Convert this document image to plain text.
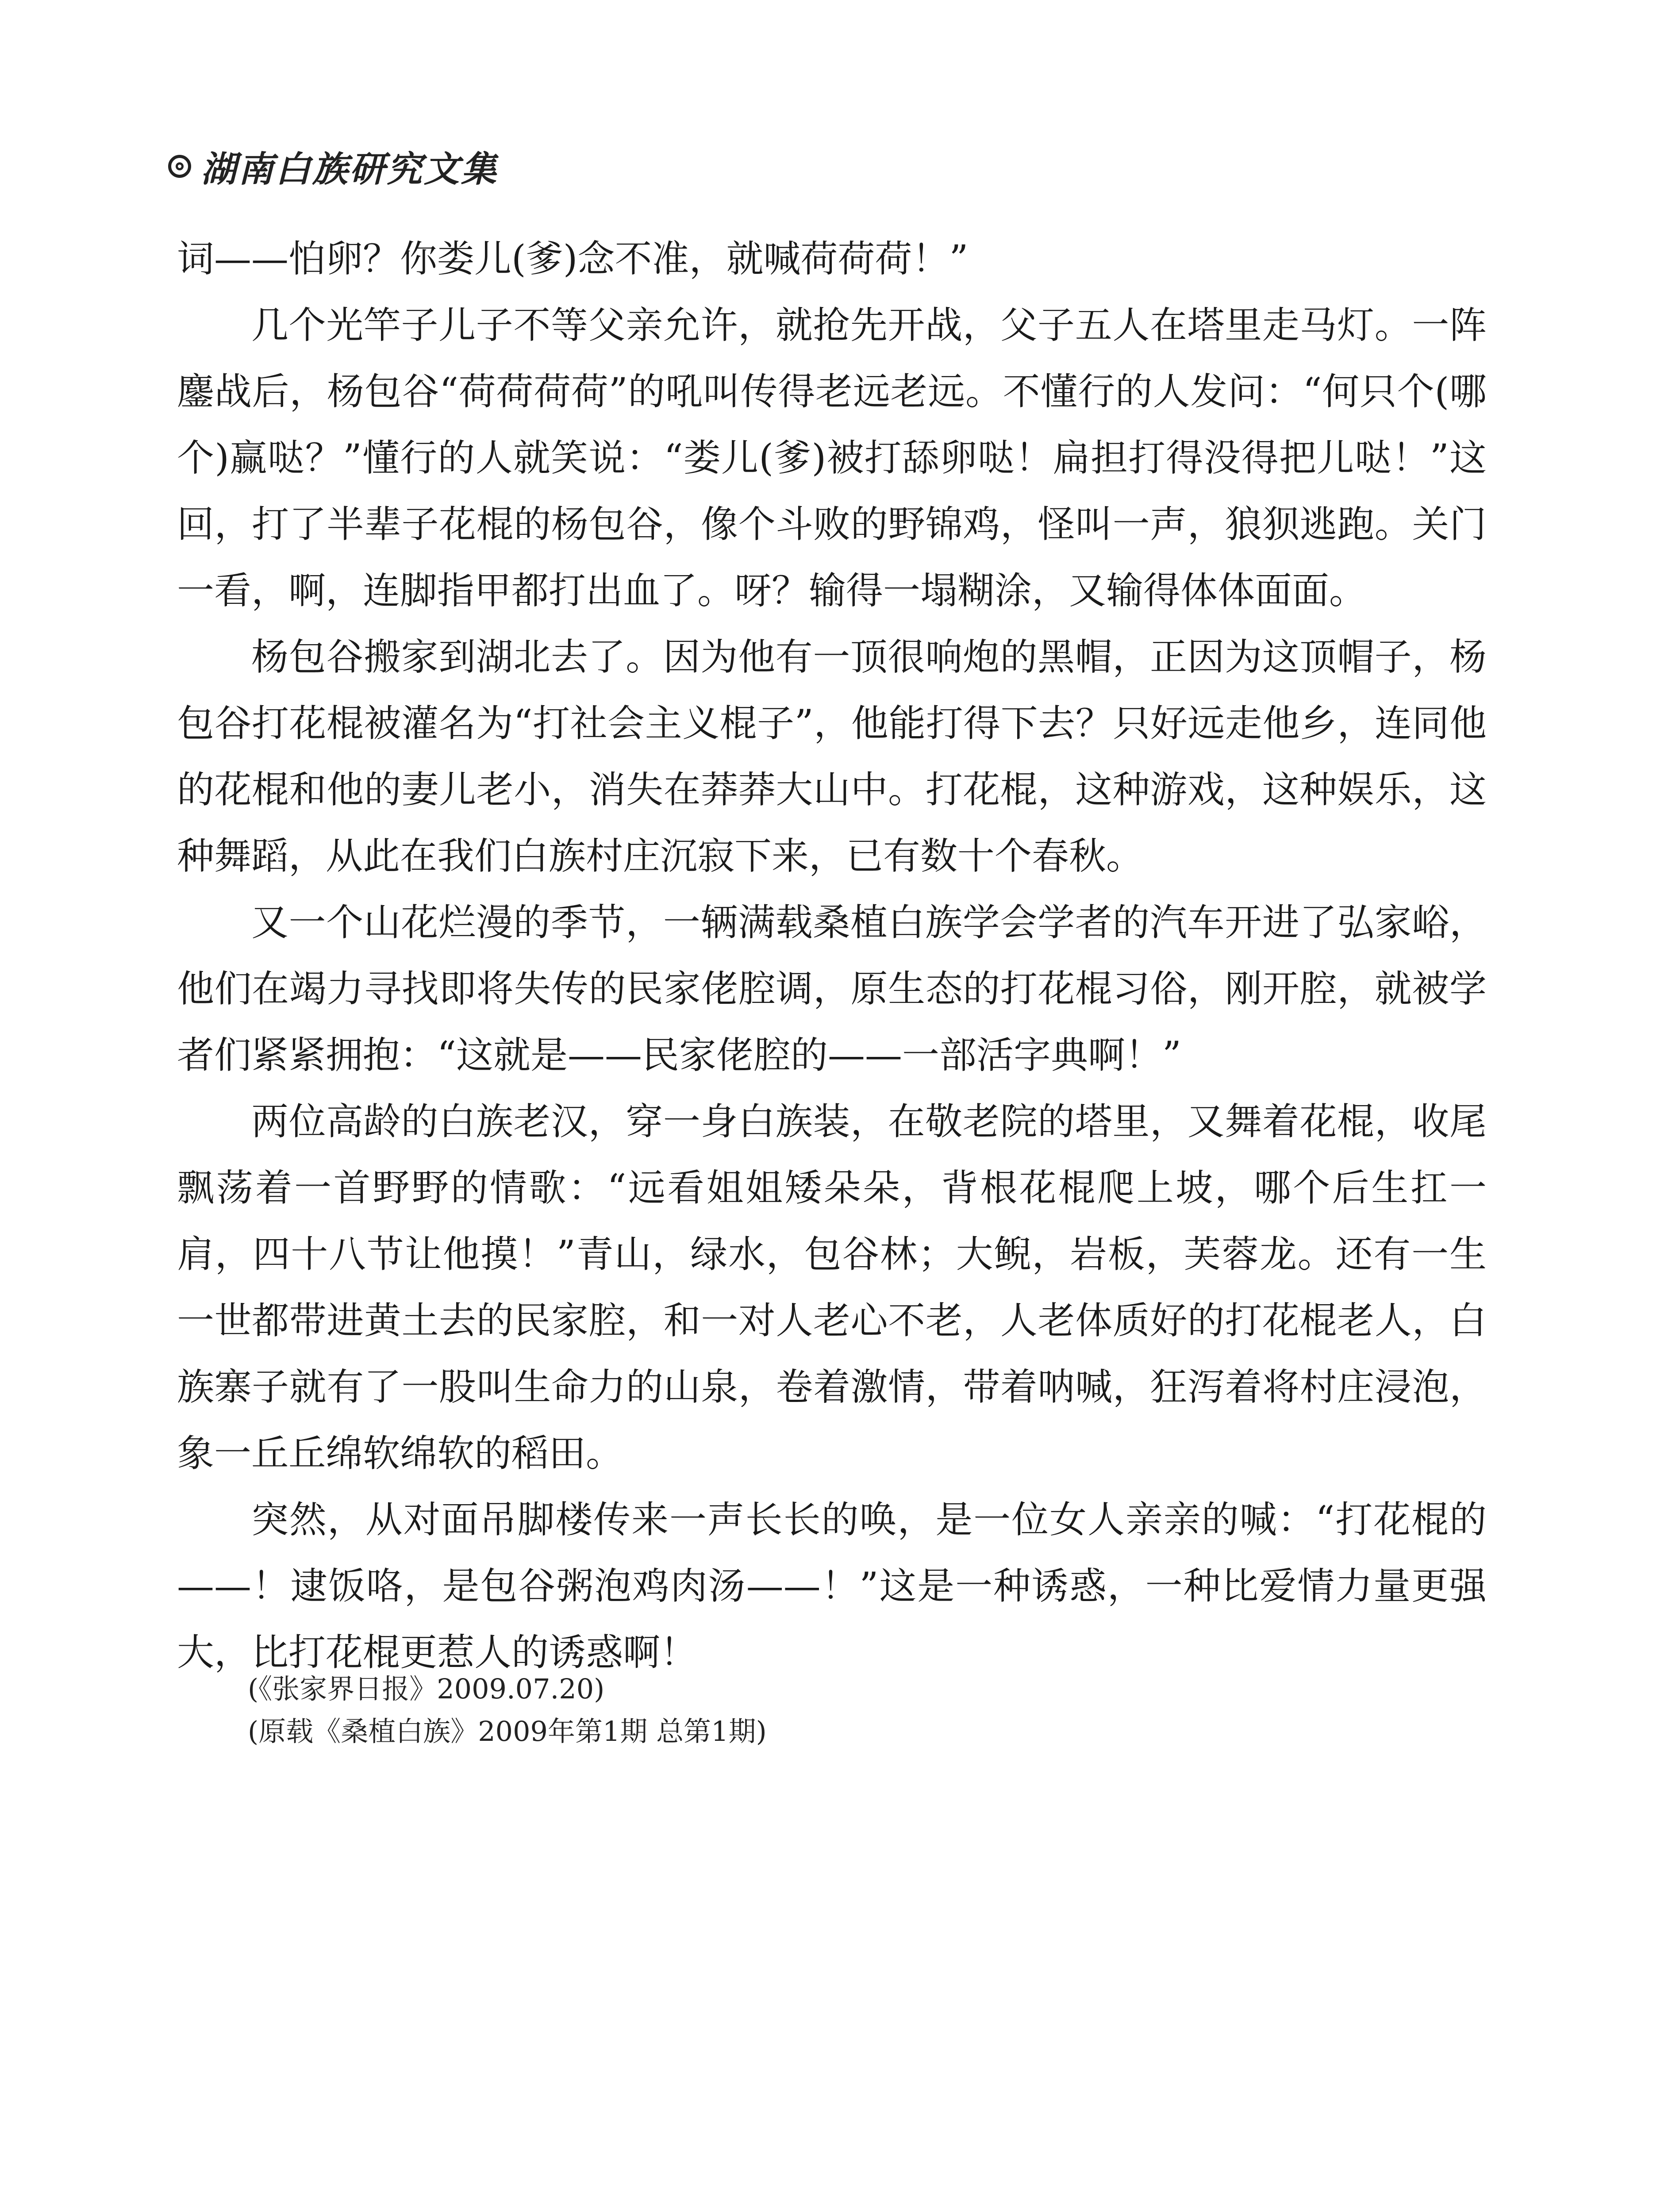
湖南白族研究文集

词——怕卵？你娄儿(爹)念不准，就喊荷荷荷！”

几个光竿子儿子不等父亲允许，就抢先开战，父子五人在塔里走马灯。一阵鏖战后，杨包谷“荷荷荷荷”的吼叫传得老远老远。不懂行的人发问：“何只个(哪个)赢哒？”懂行的人就笑说：“娄儿(爹)被打舔卵哒！扁担打得没得把儿哒！”这回，打了半辈子花棍的杨包谷，像个斗败的野锦鸡，怪叫一声，狼狈逃跑。关门一看，啊，连脚指甲都打出血了。呀？输得一塌糊涂，又输得体体面面。

杨包谷搬家到湖北去了。因为他有一顶很响炮的黑帽，正因为这顶帽子，杨包谷打花棍被灌名为“打社会主义棍子”，他能打得下去？只好远走他乡，连同他的花棍和他的妻儿老小，消失在莽莽大山中。打花棍，这种游戏，这种娱乐，这种舞蹈，从此在我们白族村庄沉寂下来，已有数十个春秋。

又一个山花烂漫的季节，一辆满载桑植白族学会学者的汽车开进了弘家峪，他们在竭力寻找即将失传的民家佬腔调，原生态的打花棍习俗，刚开腔，就被学者们紧紧拥抱：“这就是——民家佬腔的——一部活字典啊！”

两位高龄的白族老汉，穿一身白族装，在敬老院的塔里，又舞着花棍，收尾飘荡着一首野野的情歌：“远看姐姐矮朵朵，背根花棍爬上坡，哪个后生扛一肩，四十八节让他摸！”青山，绿水，包谷林；大鲵，岩板，芙蓉龙。还有一生一世都带进黄土去的民家腔，和一对人老心不老，人老体质好的打花棍老人，白族寨子就有了一股叫生命力的山泉，卷着激情，带着呐喊，狂泻着将村庄浸泡，象一丘丘绵软绵软的稻田。

突然，从对面吊脚楼传来一声长长的唤，是一位女人亲亲的喊：“打花棍的——！逮饭咯，是包谷粥泡鸡肉汤——！”这是一种诱惑，一种比爱情力量更强大，比打花棍更惹人的诱惑啊！

(《张家界日报》2009.07.20)
(原载《桑植白族》2009年第1期 总第1期)
